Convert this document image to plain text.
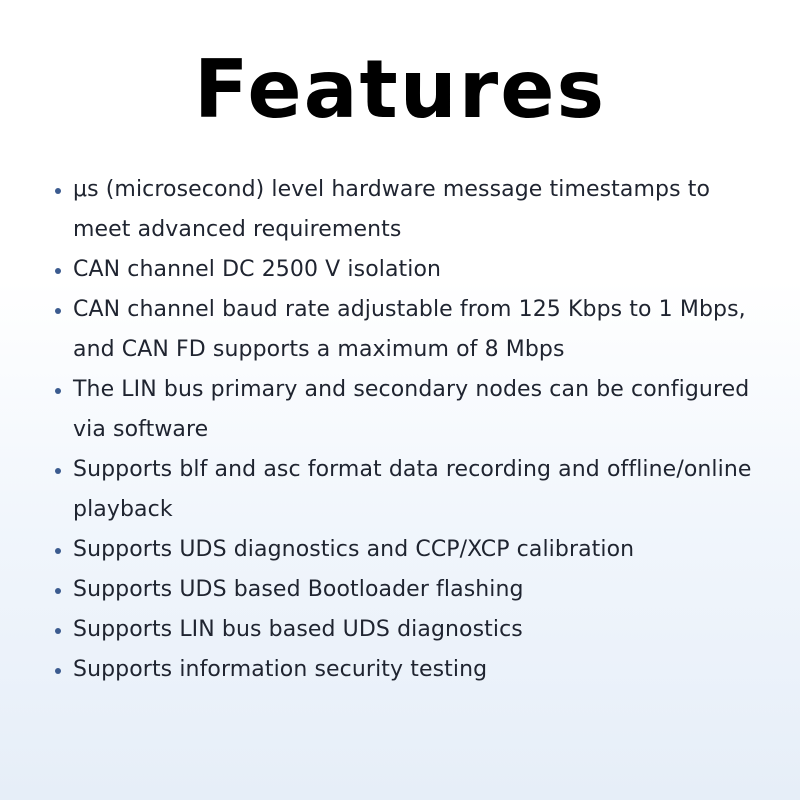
Features
μs (microsecond) level hardware message timestamps to meet advanced requirements
CAN channel DC 2500 V isolation
CAN channel baud rate adjustable from 125 Kbps to 1 Mbps, and CAN FD supports a maximum of 8 Mbps
The LIN bus primary and secondary nodes can be configured via software
Supports blf and asc format data recording and offline/online playback
Supports UDS diagnostics and CCP/XCP calibration
Supports UDS based Bootloader flashing
Supports LIN bus based UDS diagnostics
Supports information security testing
